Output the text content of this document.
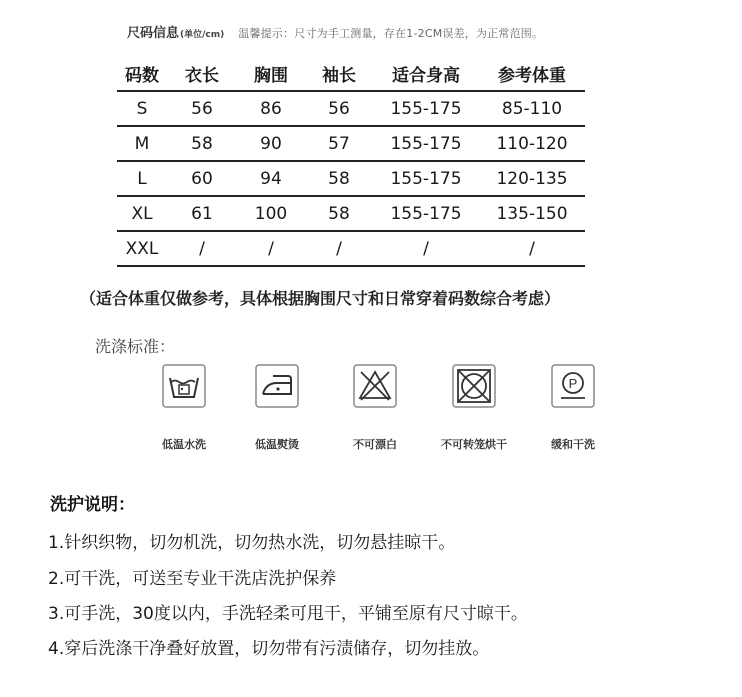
尺码信息(单位/cm) 温馨提示：尺寸为手工测量，存在1-2CM误差，为正常范围。
码数	衣长	胸围	袖长	适合身高	参考体重
S	56	86	56	155-175	85-110
M	58	90	57	155-175	110-120
L	60	94	58	155-175	120-135
XL	61	100	58	155-175	135-150
XXL	/	/	/	/	/
（适合体重仅做参考，具体根据胸围尺寸和日常穿着码数综合考虑）
洗涤标准：
P
低温水洗	低温熨烫	不可漂白	不可转笼烘干	缓和干洗
洗护说明：
1.针织织物，切勿机洗，切勿热水洗，切勿悬挂晾干。
2.可干洗，可送至专业干洗店洗护保养
3.可手洗，30度以内，手洗轻柔可甩干，平铺至原有尺寸晾干。
4.穿后洗涤干净叠好放置，切勿带有污渍储存，切勿挂放。
